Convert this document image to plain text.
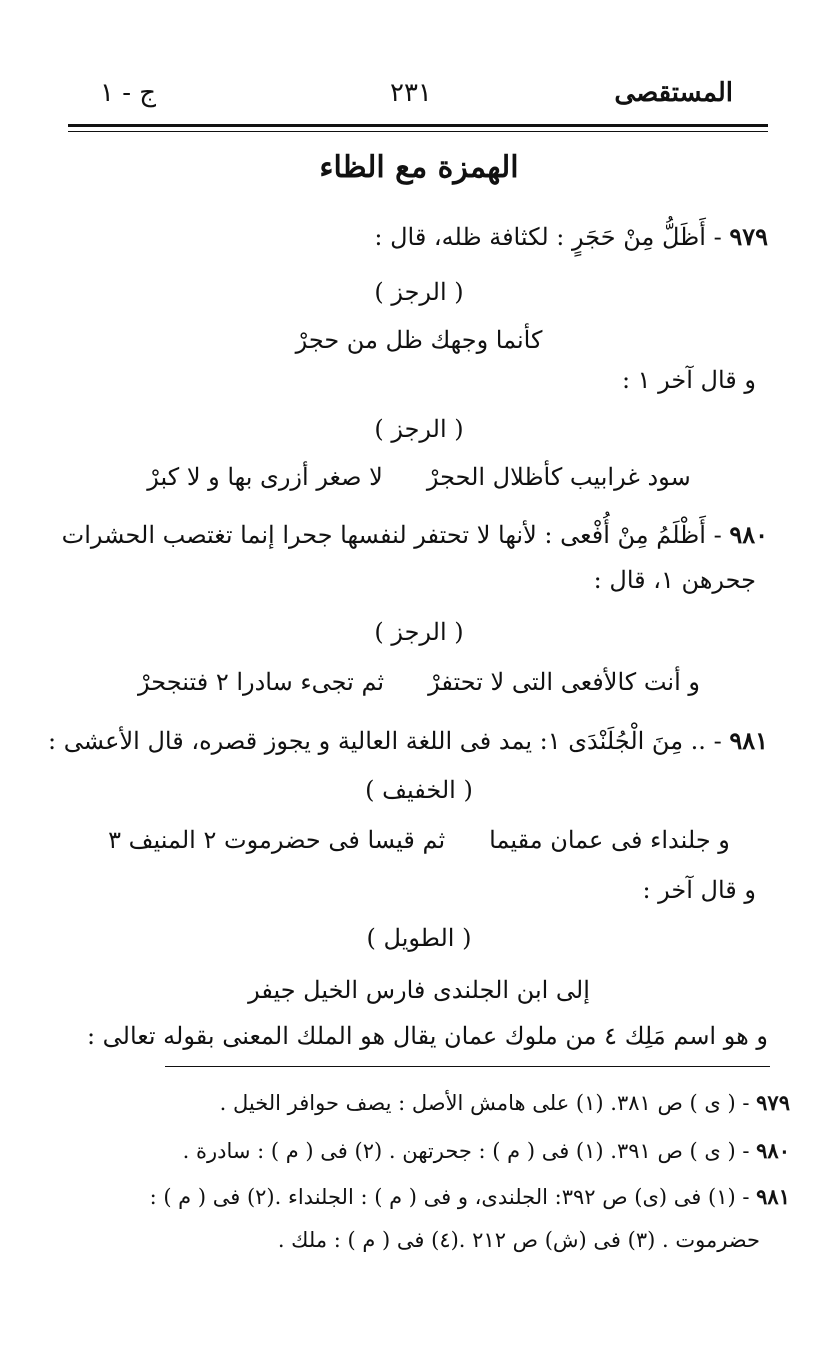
المستقصى
٢٣١
ج - ١
الهمزة مع الظاء
٩٧٩ - أَظَلُّ مِنْ حَجَرٍ : لكثافة ظله، قال :
( الرجز )
كأنما وجهك ظل من حجرْ
و قال آخر ١ :
( الرجز )
سود غرابيب كأظلال الحجرْلا صغر أزرى بها و لا كبرْ
٩٨٠ - أَظْلَمُ مِنْ أُفْعى : لأنها لا تحتفر لنفسها جحرا إنما تغتصب الحشرات
جحرهن ١، قال :
( الرجز )
و أنت كالأفعى التى لا تحتفرْثم تجىء سادرا ٢ فتنجحرْ
٩٨١ - .. مِنَ الْجُلَنْدَى ١: يمد فى اللغة العالية و يجوز قصره، قال الأعشى :
( الخفيف )
و جلنداء فى عمان مقيماثم قيسا فى حضرموت ٢ المنيف ٣
و قال آخر :
( الطويل )
إلى ابن الجلندى فارس الخيل جيفر
و هو اسم مَلِك ٤ من ملوك عمان يقال هو الملك المعنى بقوله تعالى :
٩٧٩ - ( ى ) ص ٣٨١. (١) على هامش الأصل : يصف حوافر الخيل .
٩٨٠ - ( ى ) ص ٣٩١. (١) فى ( م ) : جحرتهن . (٢) فى ( م ) : سادرة .
٩٨١ - (١) فى (ى) ص ٣٩٢: الجلندى، و فى ( م ) : الجلنداء .(٢) فى ( م ) :
حضرموت . (٣) فى (ش) ص ٢١٢ .(٤) فى ( م ) : ملك .
